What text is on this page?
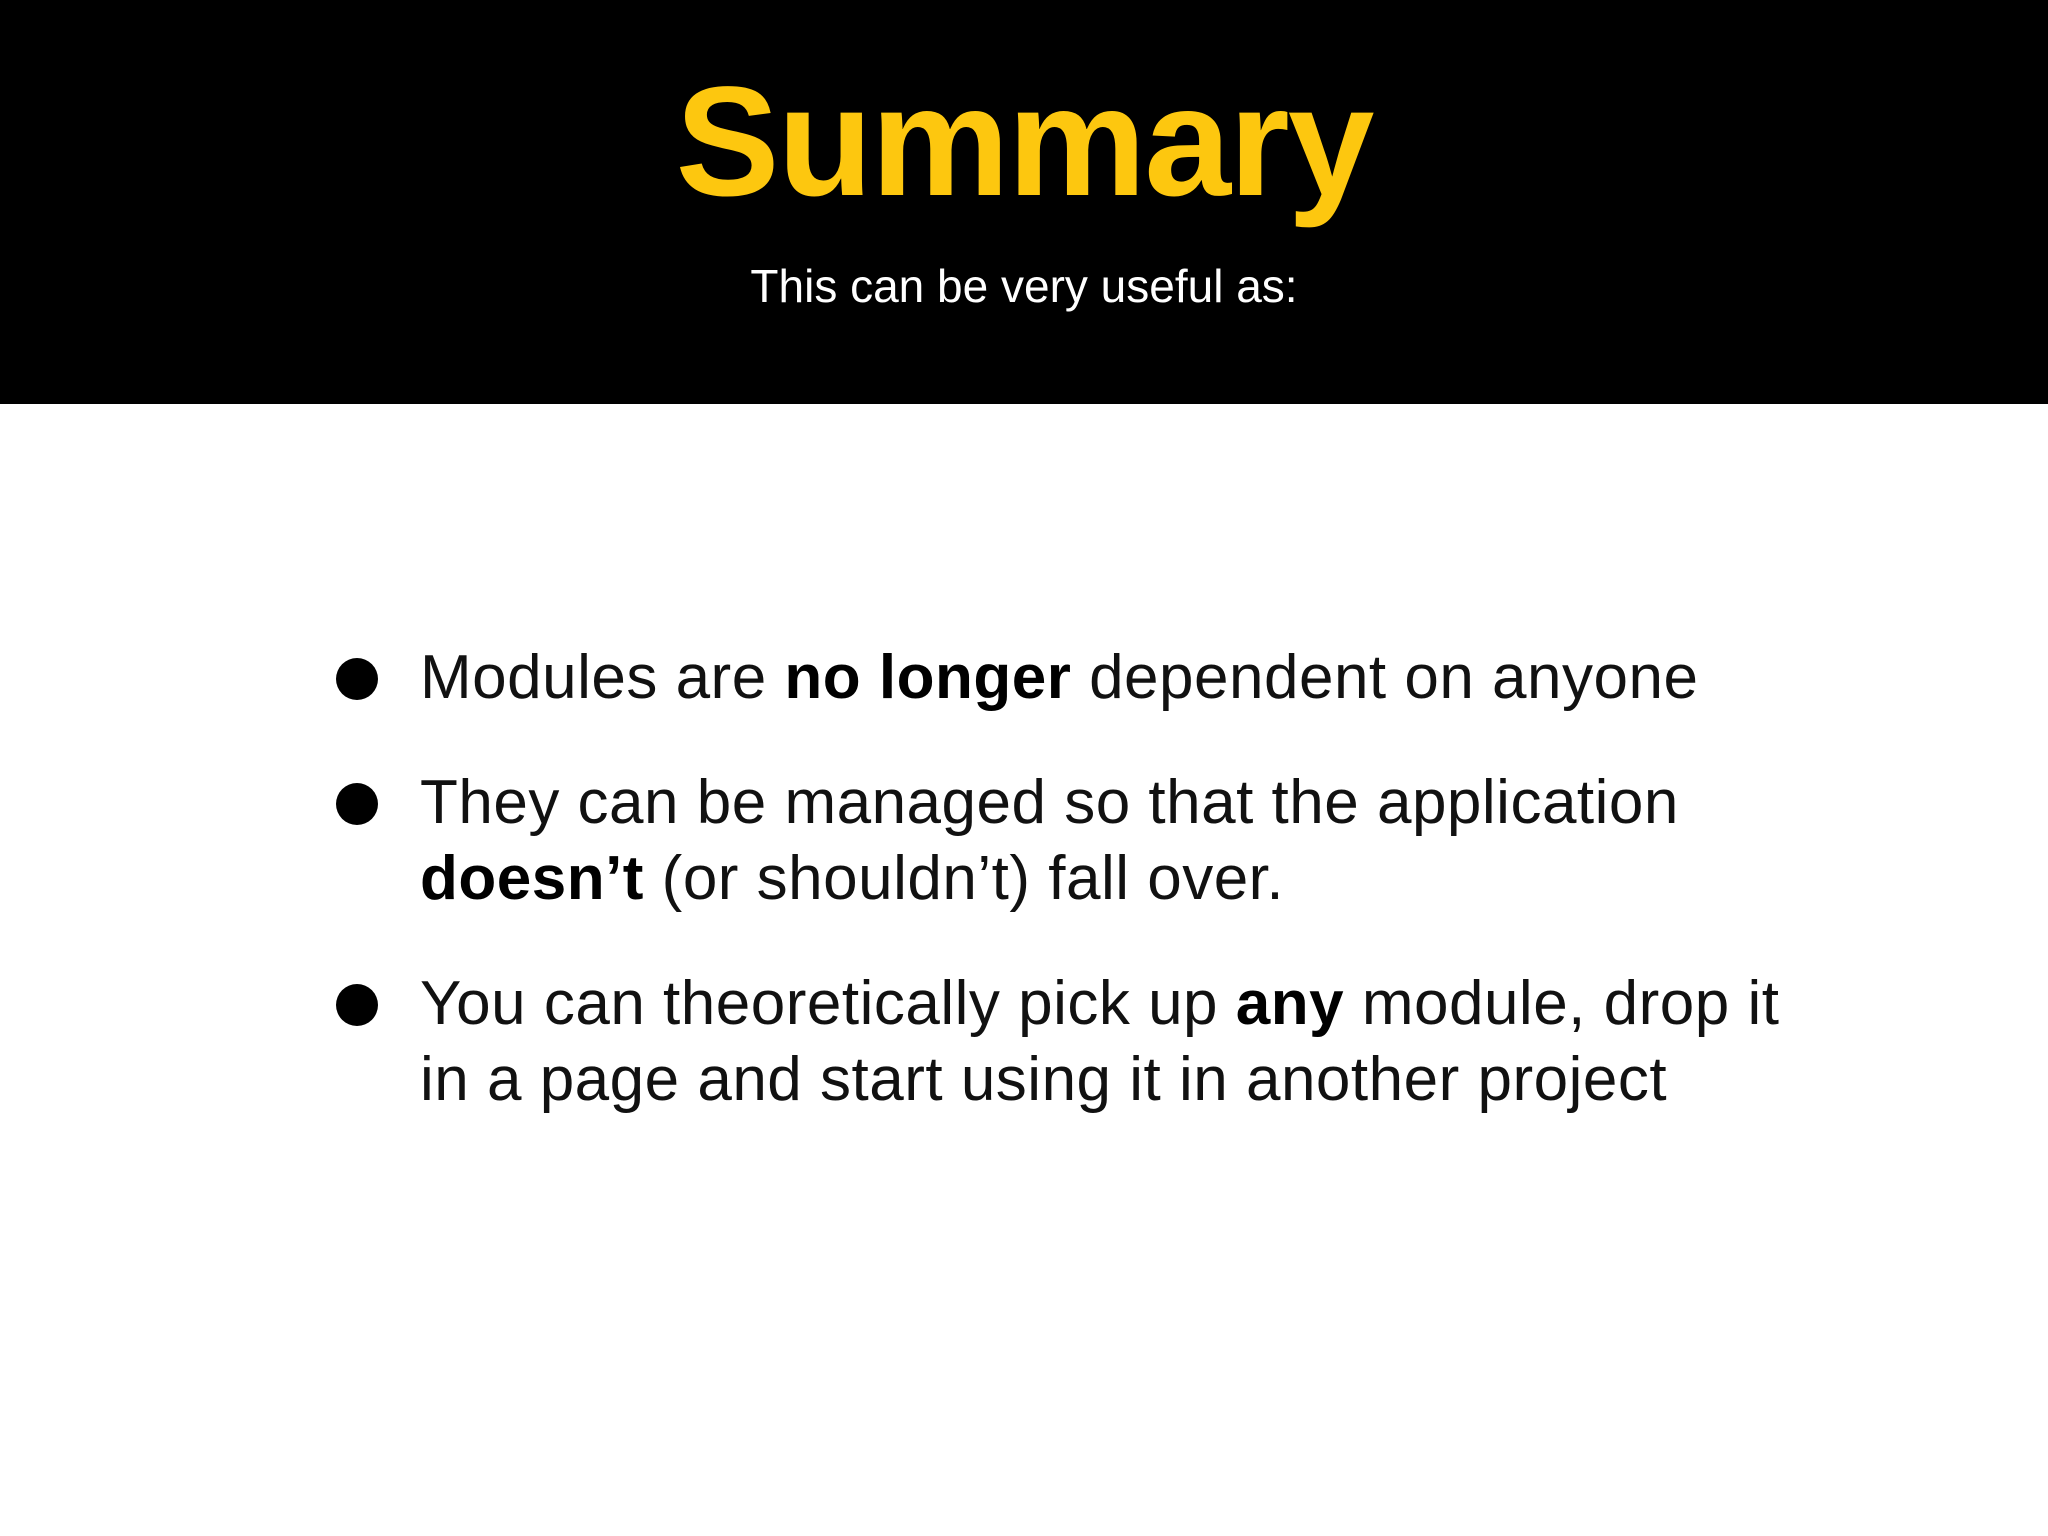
Summary
This can be very useful as:
Modules are no longer dependent on anyone
They can be managed so that the application
doesn’t (or shouldn’t) fall over.
You can theoretically pick up any module, drop it
in a page and start using it in another project
